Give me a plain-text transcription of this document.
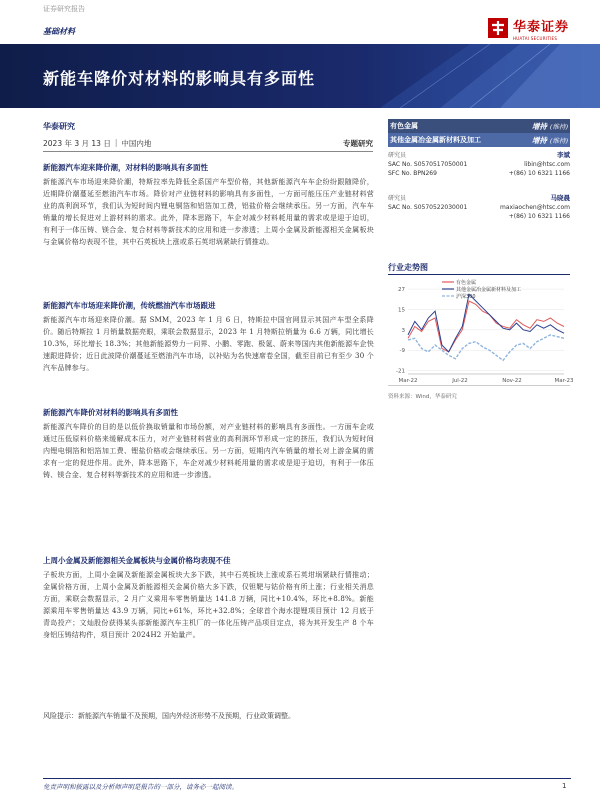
证券研究报告
基础材料	华泰证券
HUATAI SECURITIES
新能车降价对材料的影响具有多面性
华泰研究
2023 年 3 月 13 日 | 中国内地	专题研究
新能源汽车迎来降价潮，对材料的影响具有多面性
新能源汽车市场迎来降价潮，特斯拉率先降低全系国产车型价格，其他新能源汽车车企纷纷跟随降价，近期降价潮蔓延至燃油汽车市场。降价对产业链材料的影响具有多面性，一方面可能压压产业链材料营业的高利润环节，我们认为短时间内锂电铜箔和铝箔加工费，铝盐价格会继续承压。另一方面，汽车车销量的增长促进对上游材料的需求。此外，降本思路下，车企对减少材料耗用量的需求或是迎于迫切，有利于一体压铸、镁合金、复合材料等新技术的应用和进一步渗透；上周小金属及新能源相关金属板块与金属价格均表现不佳，其中石英板块上涨或系石英坩埚紧缺行情推动。
新能源汽车市场迎来降价潮，传统燃油汽车市场跟进
新能源汽车市场迎来降价潮。据 SMM，2023 年 1 月 6 日，特斯拉中国官网显示其国产车型全系降价。随后特斯拉 1 月销量数据亮眼，乘联会数据显示，2023 年 1 月特斯拉销量为 6.6 万辆，同比增长 10.3%，环比增长 18.3%；其他新能源势力一问界、小鹏、零跑、极氪、蔚来等国内其他新能源车企快速跟进降价；近日此波降价潮蔓延至燃油汽车市场，以补贴为名快速席卷全国，截至目前已有至少 30 个汽车品牌参与。
新能源汽车降价对材料的影响具有多面性
新能源汽车降价的目的是以低价换取销量和市场份额，对产业链材料的影响具有多面性。一方面车企或通过压低原料价格来缓解成本压力，对产业链材料营业的高利润环节形成一定的挤压，我们认为短时间内锂电铜箔和铝箔加工费、锂盐价格或会继续承压。另一方面，短期内汽车销量的增长对上游金属的需求有一定的促进作用。此外，降本思路下，车企对减少材料耗用量的需求或是迎于迫切，有利于一体压铸、镁合金、复合材料等新技术的应用和进一步渗透。
上周小金属及新能源相关金属板块与金属价格均表现不佳
子板块方面，上周小金属及新能源金属板块大多下跌，其中石英板块上涨或系石英坩埚紧缺行情推动；金属价格方面，上周小金属及新能源相关金属价格大多下跌，仅钽靶与钴价格有所上涨；行业相关消息方面，乘联会数据显示，2 月广义乘用车零售销量达 141.8 万辆，同比+10.4%，环比+8.8%。新能源乘用车零售销量达 43.9 万辆，同比+61%，环比+32.8%；全球首个海水提锂项目预计 12 月底于青岛投产；文灿股份获得某头部新能源汽车主机厂的一体化压铸产品项目定点，将为其开发生产 8 个车身铝压铸结构件，项目预计 2024H2 开始量产。
风险提示：新能源汽车销量不及预期，国内外经济形势不及预期，行业政策调整。
有色金属	增持 (维持)
其他金属冶金属新材料及加工	增持 (维持)
研究员	李斌
SAC No. S0570517050001	libin@htsc.com
SFC No. BPN269	+(86) 10 6321 1166
研究员	马晓晨
SAC No. S0570522030001	maxiaochen@htsc.com
+(86) 10 6321 1166
行业走势图
27
15
3
-9
-21
Mar-22	Jul-22	Nov-22	Mar-23
有色金属
其他金属冶金属新材料及加工
沪深300
资料来源：Wind，华泰研究
免责声明和披露以及分析师声明是报告的一部分，请务必一起阅读。	1
